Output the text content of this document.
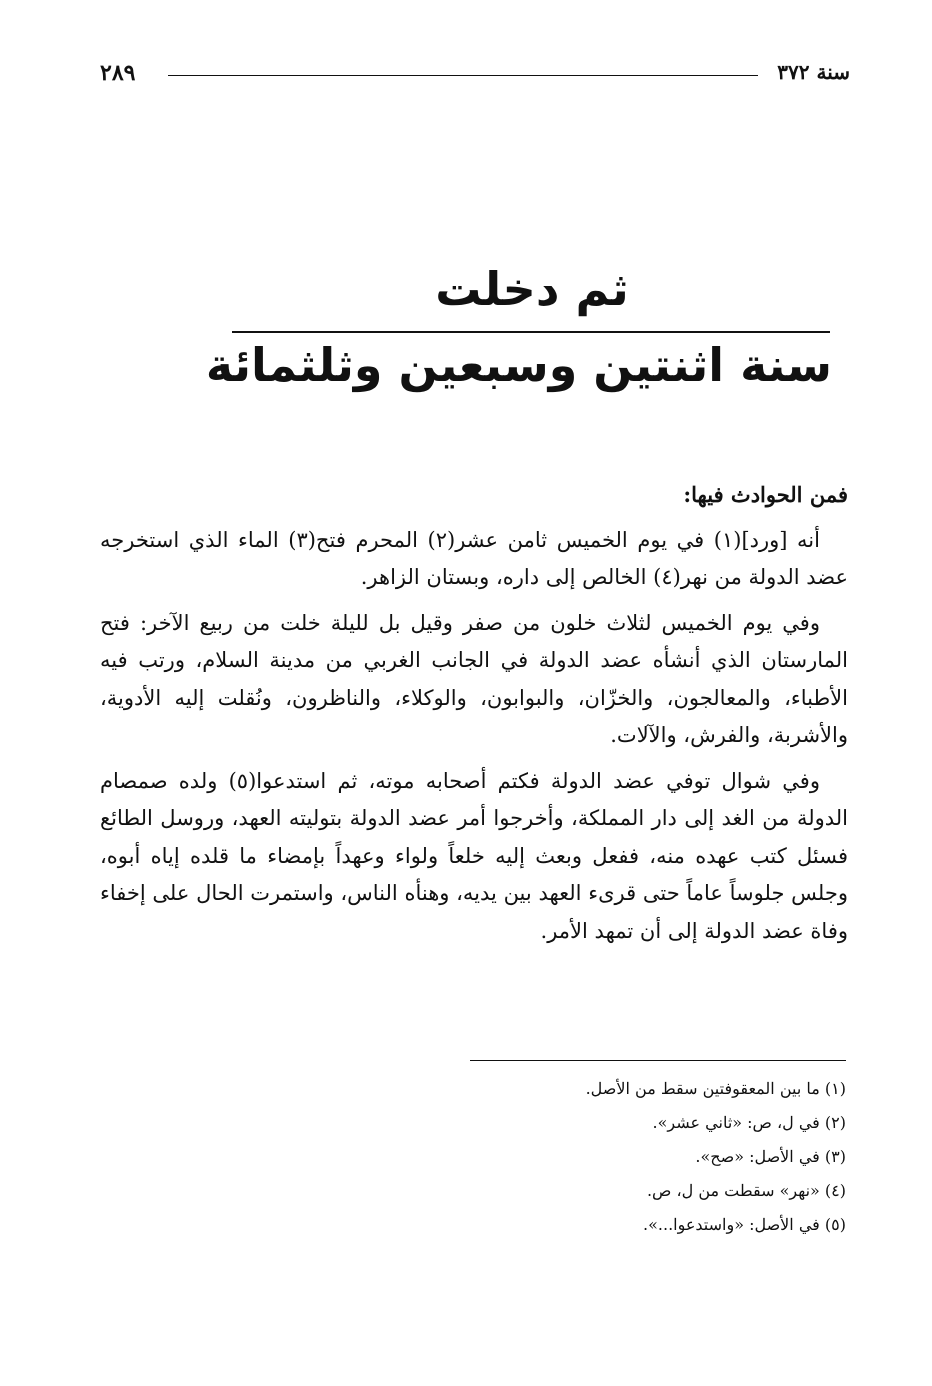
سنة ٣٧٢
٢٨٩
ثم دخلت
سنة اثنتين وسبعين وثلثمائة

فمن الحوادث فيها:

أنه [ورد](١) في يوم الخميس ثامن عشر(٢) المحرم فتح(٣) الماء الذي استخرجه عضد الدولة من نهر(٤) الخالص إلى داره، وبستان الزاهر.

وفي يوم الخميس لثلاث خلون من صفر وقيل بل لليلة خلت من ربيع الآخر: فتح المارستان الذي أنشأه عضد الدولة في الجانب الغربي من مدينة السلام، ورتب فيه الأطباء، والمعالجون، والخزّان، والبوابون، والوكلاء، والناظرون، ونُقلت إليه الأدوية، والأشربة، والفرش، والآلات.

وفي شوال توفي عضد الدولة فكتم أصحابه موته، ثم استدعوا(٥) ولده صمصام الدولة من الغد إلى دار المملكة، وأخرجوا أمر عضد الدولة بتوليته العهد، وروسل الطائع فسئل كتب عهده منه، ففعل وبعث إليه خلعاً ولواء وعهداً بإمضاء ما قلده إياه أبوه، وجلس جلوساً عاماً حتى قرىء العهد بين يديه، وهنأه الناس، واستمرت الحال على إخفاء وفاة عضد الدولة إلى أن تمهد الأمر.

(١) ما بين المعقوفتين سقط من الأصل.

(٢) في ل، ص: «ثاني عشر».

(٣) في الأصل: «صح».

(٤) «نهر» سقطت من ل، ص.

(٥) في الأصل: «واستدعوا...».
